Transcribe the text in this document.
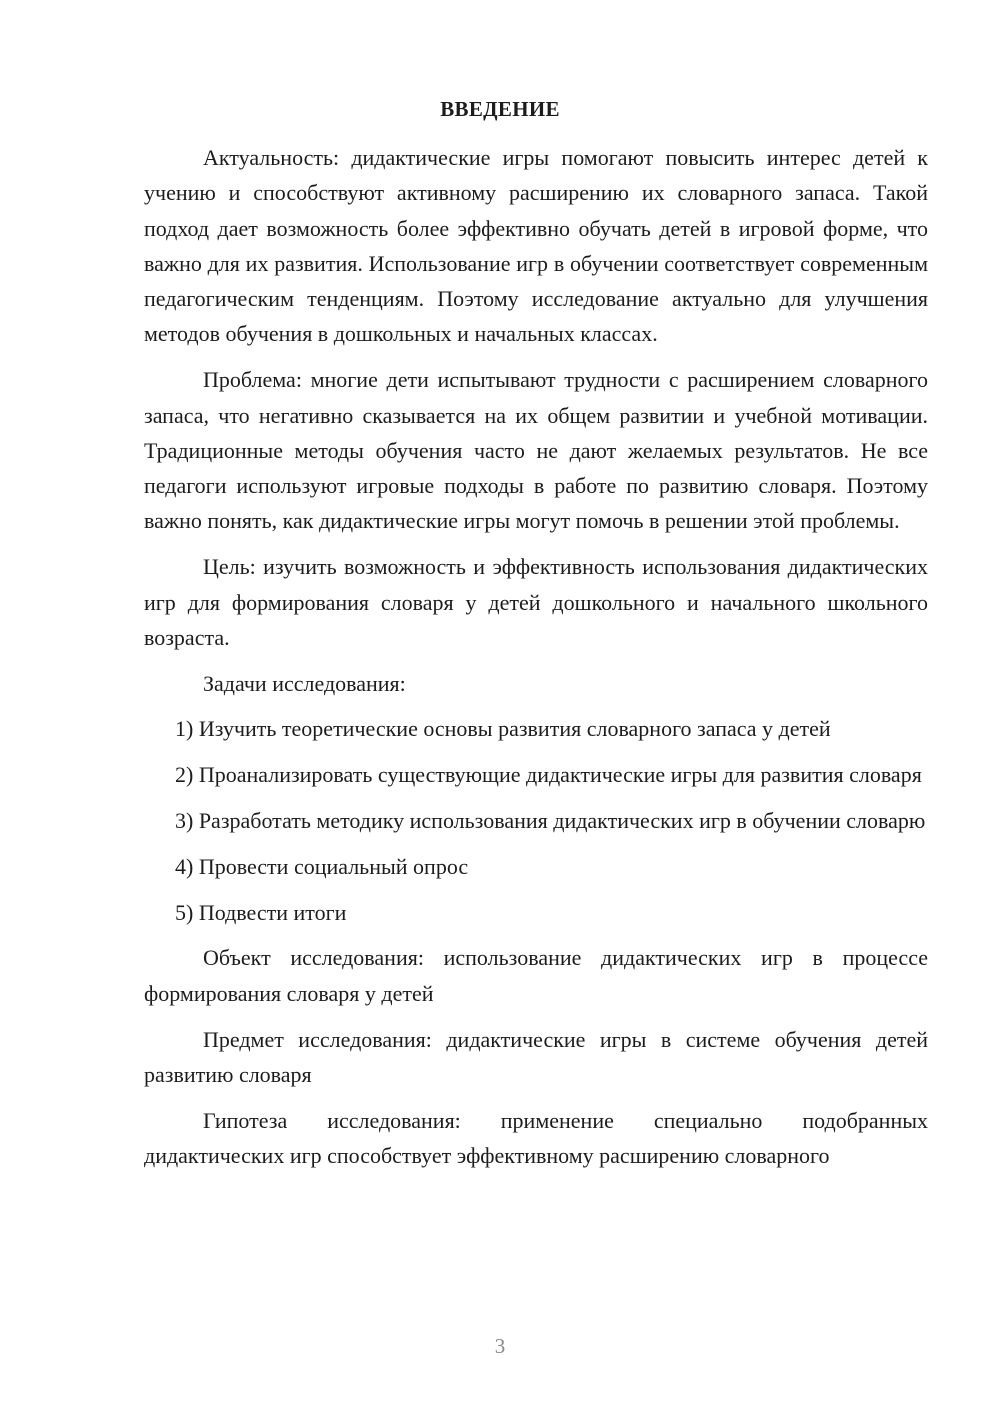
ВВЕДЕНИЕ

Актуальность: дидактические игры помогают повысить интерес детей к учению и способствуют активному расширению их словарного запаса. Такой подход дает возможность более эффективно обучать детей в игровой форме, что важно для их развития. Использование игр в обучении соответствует современным педагогическим тенденциям. Поэтому исследование актуально для улучшения методов обучения в дошкольных и начальных классах.

Проблема: многие дети испытывают трудности с расширением словарного запаса, что негативно сказывается на их общем развитии и учебной мотивации. Традиционные методы обучения часто не дают желаемых результатов. Не все педагоги используют игровые подходы в работе по развитию словаря. Поэтому важно понять, как дидактические игры могут помочь в решении этой проблемы.

Цель: изучить возможность и эффективность использования дидактических игр для формирования словаря у детей дошкольного и начального школьного возраста.

Задачи исследования:

1) Изучить теоретические основы развития словарного запаса у детей

2) Проанализировать существующие дидактические игры для развития словаря

3) Разработать методику использования дидактических игр в обучении словарю

4) Провести социальный опрос

5) Подвести итоги

Объект исследования: использование дидактических игр в процессе формирования словаря у детей

Предмет исследования: дидактические игры в системе обучения детей развитию словаря

Гипотеза исследования: применение специально подобранных дидактических игр способствует эффективному расширению словарного

3
